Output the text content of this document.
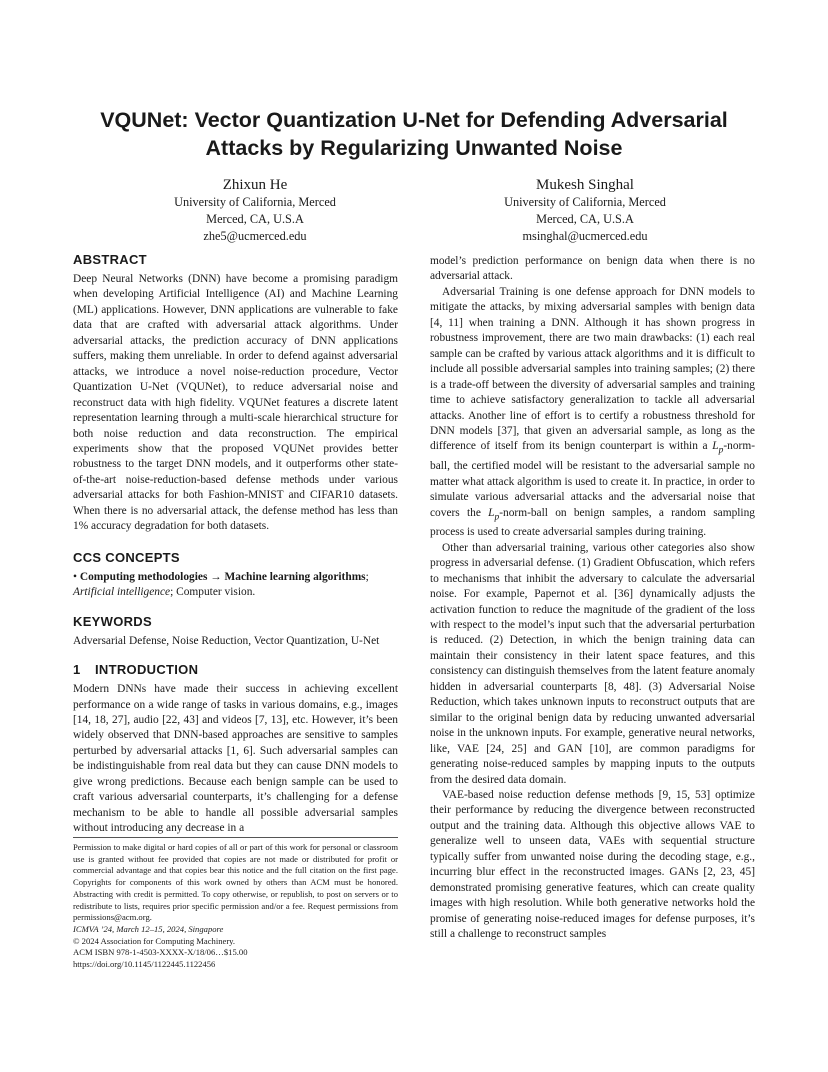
VQUNet: Vector Quantization U-Net for Defending Adversarial
Attacks by Regularizing Unwanted Noise
Zhixun He
University of California, Merced
Merced, CA, U.S.A
zhe5@ucmerced.edu
Mukesh Singhal
University of California, Merced
Merced, CA, U.S.A
msinghal@ucmerced.edu
ABSTRACT

Deep Neural Networks (DNN) have become a promising paradigm when developing Artificial Intelligence (AI) and Machine Learning (ML) applications. However, DNN applications are vulnerable to fake data that are crafted with adversarial attack algorithms. Under adversarial attacks, the prediction accuracy of DNN applications suffers, making them unreliable. In order to defend against adversarial attacks, we introduce a novel noise-reduction procedure, Vector Quantization U-Net (VQUNet), to reduce adversarial noise and reconstruct data with high fidelity. VQUNet features a discrete latent representation learning through a multi-scale hierarchical structure for both noise reduction and data reconstruction. The empirical experiments show that the proposed VQUNet provides better robustness to the target DNN models, and it outperforms other state-of-the-art noise-reduction-based defense methods under various adversarial attacks for both Fashion-MNIST and CIFAR10 datasets. When there is no adversarial attack, the defense method has less than 1% accuracy degradation for both datasets.

CCS CONCEPTS

• Computing methodologies → Machine learning algorithms;
Artificial intelligence; Computer vision.

KEYWORDS

Adversarial Defense, Noise Reduction, Vector Quantization, U-Net

1 INTRODUCTION

Modern DNNs have made their success in achieving excellent performance on a wide range of tasks in various domains, e.g., images [14, 18, 27], audio [22, 43] and videos [7, 13], etc. However, it’s been widely observed that DNN-based approaches are sensitive to samples perturbed by adversarial attacks [1, 6]. Such adversarial samples can be indistinguishable from real data but they can cause DNN models to give wrong predictions. Because each benign sample can be used to craft various adversarial counterparts, it’s challenging for a defense mechanism to be able to handle all possible adversarial samples without introducing any decrease in a

model’s prediction performance on benign data when there is no adversarial attack.

Adversarial Training is one defense approach for DNN models to mitigate the attacks, by mixing adversarial samples with benign data [4, 11] when training a DNN. Although it has shown progress in robustness improvement, there are two main drawbacks: (1) each real sample can be crafted by various attack algorithms and it is difficult to include all possible adversarial samples into training samples; (2) there is a trade-off between the diversity of adversarial samples and training time to achieve satisfactory generalization to tackle all adversarial attacks. Another line of effort is to certify a robustness threshold for DNN models [37], that given an adversarial sample, as long as the difference of itself from its benign counterpart is within a $L_p-norm$-ball, the certified model will be resistant to the adversarial sample no matter what attack algorithm is used to create it. In practice, in order to simulate various adversarial attacks and the adversarial noise that covers the $L_p-norm$-ball on benign samples, a random sampling process is used to create adversarial samples during training.

Other than adversarial training, various other categories also show progress in adversarial defense. (1) Gradient Obfuscation, which refers to mechanisms that inhibit the adversary to calculate the adversarial noise. For example, Papernot et al. [36] dynamically adjusts the activation function to reduce the magnitude of the gradient of the loss with respect to the model’s input such that the adversarial perturbation is reduced. (2) Detection, in which the benign training data can maintain their consistency in their latent space features, and this consistency can distinguish themselves from the latent feature anomaly hidden in adversarial counterparts [8, 48]. (3) Adversarial Noise Reduction, which takes unknown inputs to reconstruct outputs that are similar to the original benign data by reducing unwanted adversarial noise in the unknown inputs. For example, generative neural networks, like, VAE [24, 25] and GAN [10], are common paradigms for generating noise-reduced samples by mapping inputs to the outputs from the desired data domain.

VAE-based noise reduction defense methods [9, 15, 53] optimize their performance by reducing the divergence between reconstructed output and the training data. Although this objective allows VAE to generalize well to unseen data, VAEs with sequential structure typically suffer from unwanted noise during the decoding stage, e.g., incurring blur effect in the reconstructed images. GANs [2, 23, 45] demonstrated promising generative features, which can create quality images with high resolution. While both generative networks hold the promise of generating noise-reduced images for defense purposes, it’s still a challenge to reconstruct samples

Permission to make digital or hard copies of all or part of this work for personal or classroom use is granted without fee provided that copies are not made or distributed for profit or commercial advantage and that copies bear this notice and the full citation on the first page. Copyrights for components of this work owned by others than ACM must be honored. Abstracting with credit is permitted. To copy otherwise, or republish, to post on servers or to redistribute to lists, requires prior specific permission and/or a fee. Request permissions from permissions@acm.org.

ICMVA ’24, March 12–15, 2024, Singapore

© 2024 Association for Computing Machinery.

ACM ISBN 978-1-4503-XXXX-X/18/06…$15.00

https://doi.org/10.1145/1122445.1122456
